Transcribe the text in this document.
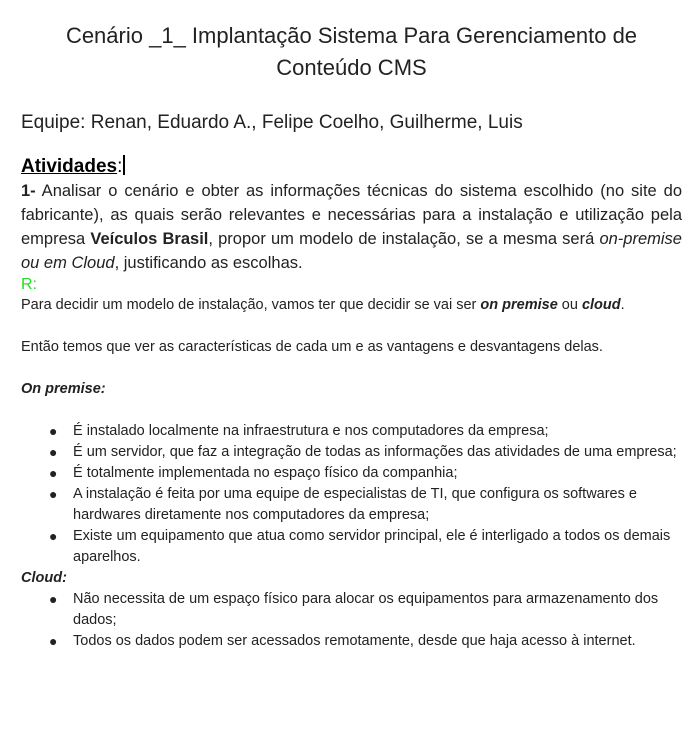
Cenário _1_ Implantação Sistema Para Gerenciamento de Conteúdo CMS

Equipe: Renan, Eduardo A., Felipe Coelho, Guilherme, Luis

Atividades:

1- Analisar o cenário e obter as informações técnicas do sistema escolhido (no site do fabricante), as quais serão relevantes e necessárias para a instalação e utilização pela empresa Veículos Brasil, propor um modelo de instalação, se a mesma será on-premise ou em Cloud, justificando as escolhas.

R:

Para decidir um modelo de instalação, vamos ter que decidir se vai ser on premise ou cloud.

Então temos que ver as características de cada um e as vantagens e desvantagens delas.

On premise:

● É instalado localmente na infraestrutura e nos computadores da empresa;
● É um servidor, que faz a integração de todas as informações das atividades de uma empresa;
● É totalmente implementada no espaço físico da companhia;
● A instalação é feita por uma equipe de especialistas de TI, que configura os softwares e hardwares diretamente nos computadores da empresa;
● Existe um equipamento que atua como servidor principal, ele é interligado a todos os demais aparelhos.

Cloud:

● Não necessita de um espaço físico para alocar os equipamentos para armazenamento dos dados;
● Todos os dados podem ser acessados remotamente, desde que haja acesso à internet.
